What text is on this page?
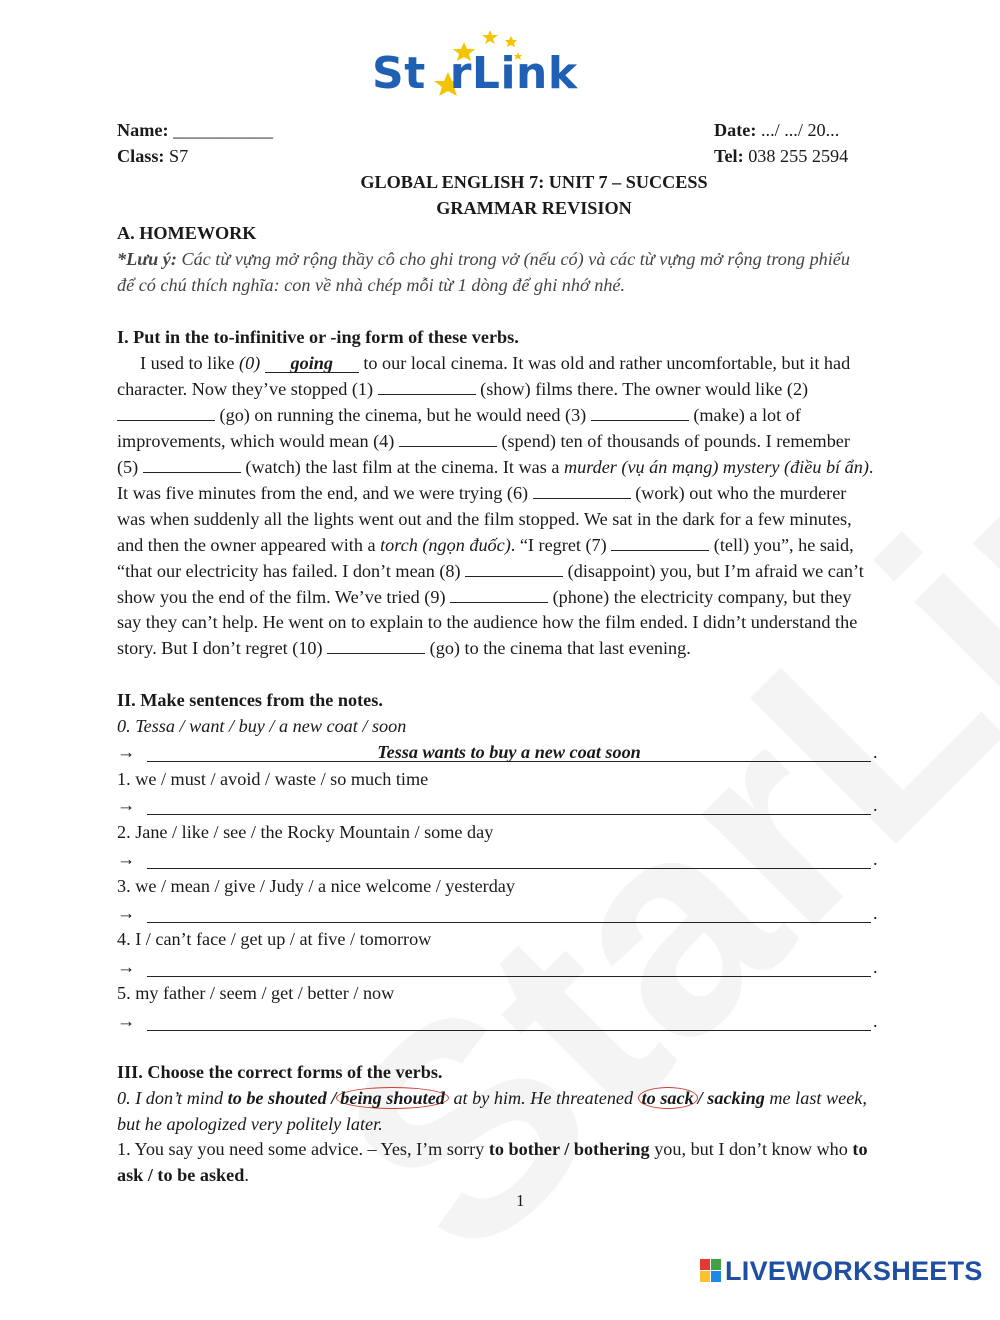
St rLink
Name: ___________	Date: .../ .../ 20...
Class: S7	Tel: 038 255 2594
GLOBAL ENGLISH 7: UNIT 7 – SUCCESS
GRAMMAR REVISION
A. HOMEWORK
*Lưu ý: Các từ vựng mở rộng thầy cô cho ghi trong vở (nếu có) và các từ vựng mở rộng trong phiếu
để có chú thích nghĩa: con về nhà chép mỗi từ 1 dòng để ghi nhớ nhé.
I. Put in the to-infinitive or -ing form of these verbs.
I used to like (0) going to our local cinema. It was old and rather uncomfortable, but it had
character. Now they’ve stopped (1)	(show) films there. The owner would like (2)
(go) on running the cinema, but he would need (3)	(make) a lot of
improvements, which would mean (4)	(spend) ten of thousands of pounds. I remember
(5)	(watch) the last film at the cinema. It was a murder (vụ án mạng) mystery (điều bí ẩn).
It was five minutes from the end, and we were trying (6)	(work) out who the murderer
was when suddenly all the lights went out and the film stopped. We sat in the dark for a few minutes,
and then the owner appeared with a torch (ngọn đuốc). “I regret (7)	(tell) you”, he said,
“that our electricity has failed. I don’t mean (8)	(disappoint) you, but I’m afraid we can’t
show you the end of the film. We’ve tried (9)	(phone) the electricity company, but they
say they can’t help. He went on to explain to the audience how the film ended. I didn’t understand the
story. But I don’t regret (10)	(go) to the cinema that last evening.
II. Make sentences from the notes.
0. Tessa / want / buy / a new coat / soon
→	Tessa wants to buy a new coat soon	.
1. we / must / avoid / waste / so much time
→	.
2. Jane / like / see / the Rocky Mountain / some day
→	.
3. we / mean / give / Judy / a nice welcome / yesterday
→	.
4. I / can’t face / get up / at five / tomorrow
→	.
5. my father / seem / get / better / now
→	.
III. Choose the correct forms of the verbs.
0. I don’t mind to be shouted / being shouted at by him. He threatened to sack / sacking me last week,
but he apologized very politely later.
1. You say you need some advice. – Yes, I’m sorry to bother / bothering you, but I don’t know who to
ask / to be asked.
1
LIVEWORKSHEETS
